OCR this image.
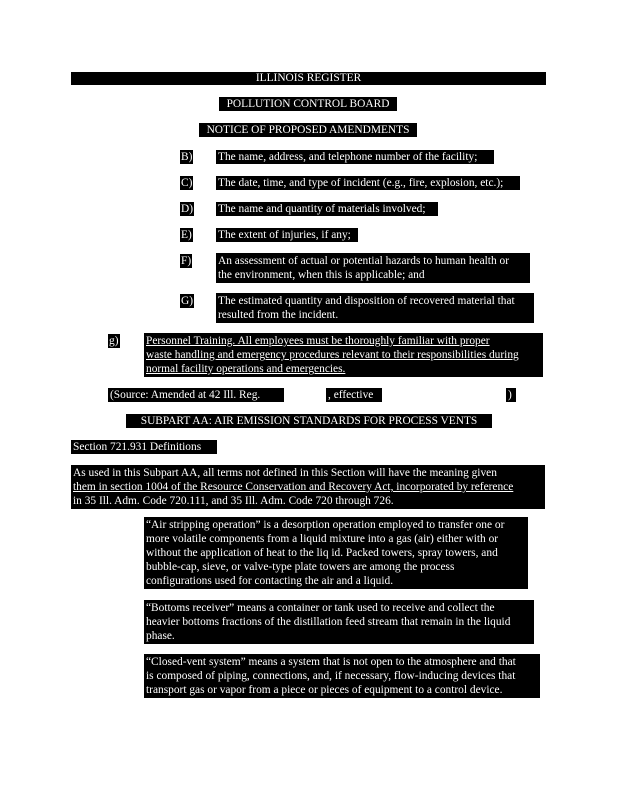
ILLINOIS REGISTER
POLLUTION CONTROL BOARD
NOTICE OF PROPOSED AMENDMENTS
B) The name, address, and telephone number of the facility;
C) The date, time, and type of incident (e.g., fire, explosion, etc.);
D) The name and quantity of materials involved;
E) The extent of injuries, if any;
F) An assessment of actual or potential hazards to human health or
the environment, when this is applicable; and
G) The estimated quantity and disposition of recovered material that
resulted from the incident.
g) Personnel Training. All employees must be thoroughly familiar with proper
waste handling and emergency procedures relevant to their responsibilities during
normal facility operations and emergencies.
(Source: Amended at 42 Ill. Reg.	, effective	)
SUBPART AA: AIR EMISSION STANDARDS FOR PROCESS VENTS
Section 721.931 Definitions
As used in this Subpart AA, all terms not defined in this Section will have the meaning given
them in section 1004 of the Resource Conservation and Recovery Act, incorporated by reference
in 35 Ill. Adm. Code 720.111, and 35 Ill. Adm. Code 720 through 726.
“Air stripping operation” is a desorption operation employed to transfer one or
more volatile components from a liquid mixture into a gas (air) either with or
without the application of heat to the liq id. Packed towers, spray towers, and
bubble-cap, sieve, or valve-type plate towers are among the process
configurations used for contacting the air and a liquid.
“Bottoms receiver” means a container or tank used to receive and collect the
heavier bottoms fractions of the distillation feed stream that remain in the liquid
phase.
“Closed-vent system” means a system that is not open to the atmosphere and that
is composed of piping, connections, and, if necessary, flow-inducing devices that
transport gas or vapor from a piece or pieces of equipment to a control device.
